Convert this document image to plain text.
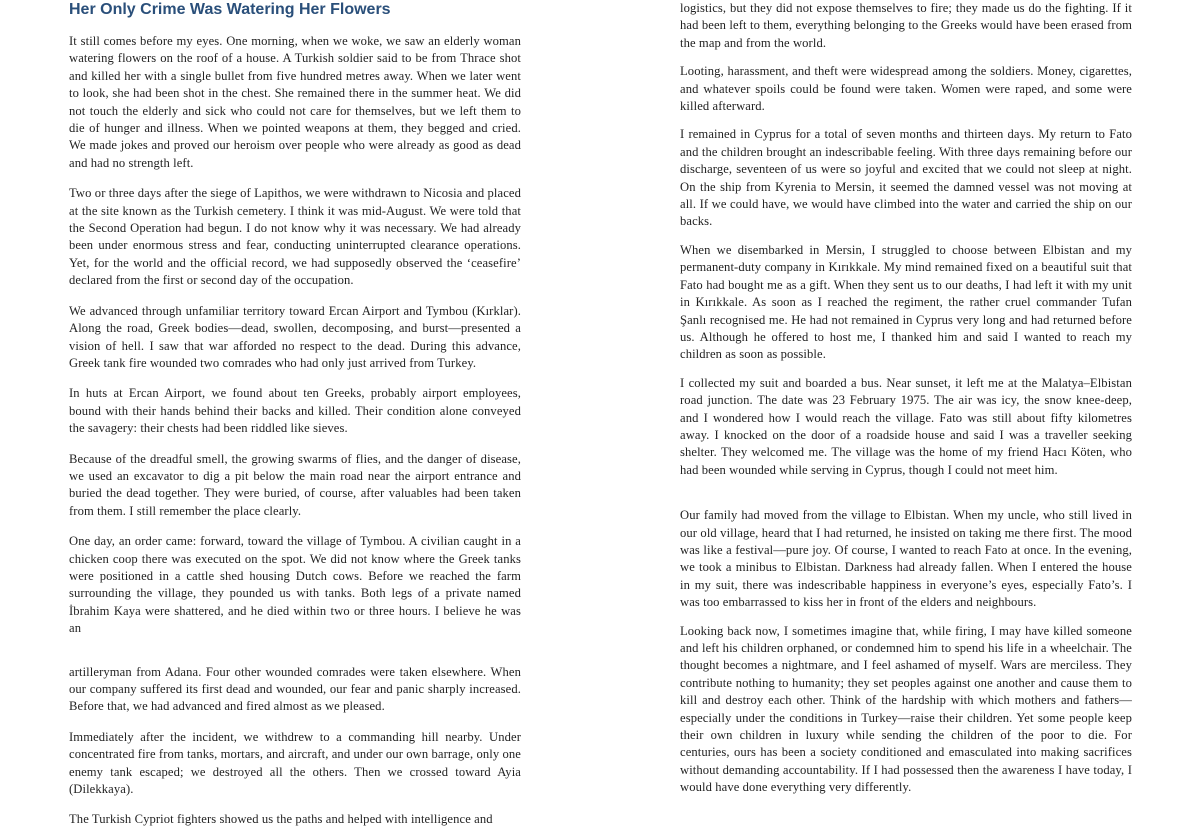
Her Only Crime Was Watering Her Flowers

It still comes before my eyes. One morning, when we woke, we saw an elderly woman watering flowers on the roof of a house. A Turkish soldier said to be from Thrace shot and killed her with a single bullet from five hundred metres away. When we later went to look, she had been shot in the chest. She remained there in the summer heat. We did not touch the elderly and sick who could not care for themselves, but we left them to die of hunger and illness. When we pointed weapons at them, they begged and cried. We made jokes and proved our heroism over people who were already as good as dead and had no strength left.

Two or three days after the siege of Lapithos, we were withdrawn to Nicosia and placed at the site known as the Turkish cemetery. I think it was mid-August. We were told that the Second Operation had begun. I do not know why it was necessary. We had already been under enormous stress and fear, conducting uninterrupted clearance operations. Yet, for the world and the official record, we had supposedly observed the ‘ceasefire’ declared from the first or second day of the occupation.

We advanced through unfamiliar territory toward Ercan Airport and Tymbou (Kırklar). Along the road, Greek bodies—dead, swollen, decomposing, and burst—presented a vision of hell. I saw that war afforded no respect to the dead. During this advance, Greek tank fire wounded two comrades who had only just arrived from Turkey.

In huts at Ercan Airport, we found about ten Greeks, probably airport employees, bound with their hands behind their backs and killed. Their condition alone conveyed the savagery: their chests had been riddled like sieves.

Because of the dreadful smell, the growing swarms of flies, and the danger of disease, we used an excavator to dig a pit below the main road near the airport entrance and buried the dead together. They were buried, of course, after valuables had been taken from them. I still remember the place clearly.

One day, an order came: forward, toward the village of Tymbou. A civilian caught in a chicken coop there was executed on the spot. We did not know where the Greek tanks were positioned in a cattle shed housing Dutch cows. Before we reached the farm surrounding the village, they pounded us with tanks. Both legs of a private named İbrahim Kaya were shattered, and he died within two or three hours. I believe he was an

artilleryman from Adana. Four other wounded comrades were taken elsewhere. When our company suffered its first dead and wounded, our fear and panic sharply increased. Before that, we had advanced and fired almost as we pleased.

Immediately after the incident, we withdrew to a commanding hill nearby. Under concentrated fire from tanks, mortars, and aircraft, and under our own barrage, only one enemy tank escaped; we destroyed all the others. Then we crossed toward Ayia (Dilekkaya).

The Turkish Cypriot fighters showed us the paths and helped with intelligence and

logistics, but they did not expose themselves to fire; they made us do the fighting. If it had been left to them, everything belonging to the Greeks would have been erased from the map and from the world.

Looting, harassment, and theft were widespread among the soldiers. Money, cigarettes, and whatever spoils could be found were taken. Women were raped, and some were killed afterward.

I remained in Cyprus for a total of seven months and thirteen days. My return to Fato and the children brought an indescribable feeling. With three days remaining before our discharge, seventeen of us were so joyful and excited that we could not sleep at night. On the ship from Kyrenia to Mersin, it seemed the damned vessel was not moving at all. If we could have, we would have climbed into the water and carried the ship on our backs.

When we disembarked in Mersin, I struggled to choose between Elbistan and my permanent-duty company in Kırıkkale. My mind remained fixed on a beautiful suit that Fato had bought me as a gift. When they sent us to our deaths, I had left it with my unit in Kırıkkale. As soon as I reached the regiment, the rather cruel commander Tufan Şanlı recognised me. He had not remained in Cyprus very long and had returned before us. Although he offered to host me, I thanked him and said I wanted to reach my children as soon as possible.

I collected my suit and boarded a bus. Near sunset, it left me at the Malatya–Elbistan road junction. The date was 23 February 1975. The air was icy, the snow knee-deep, and I wondered how I would reach the village. Fato was still about fifty kilometres away. I knocked on the door of a roadside house and said I was a traveller seeking shelter. They welcomed me. The village was the home of my friend Hacı Köten, who had been wounded while serving in Cyprus, though I could not meet him.

Our family had moved from the village to Elbistan. When my uncle, who still lived in our old village, heard that I had returned, he insisted on taking me there first. The mood was like a festival—pure joy. Of course, I wanted to reach Fato at once. In the evening, we took a minibus to Elbistan. Darkness had already fallen. When I entered the house in my suit, there was indescribable happiness in everyone’s eyes, especially Fato’s. I was too embarrassed to kiss her in front of the elders and neighbours.

Looking back now, I sometimes imagine that, while firing, I may have killed someone and left his children orphaned, or condemned him to spend his life in a wheelchair. The thought becomes a nightmare, and I feel ashamed of myself. Wars are merciless. They contribute nothing to humanity; they set peoples against one another and cause them to kill and destroy each other. Think of the hardship with which mothers and fathers—especially under the conditions in Turkey—raise their children. Yet some people keep their own children in luxury while sending the children of the poor to die. For centuries, ours has been a society conditioned and emasculated into making sacrifices without demanding accountability. If I had possessed then the awareness I have today, I would have done everything very differently.
